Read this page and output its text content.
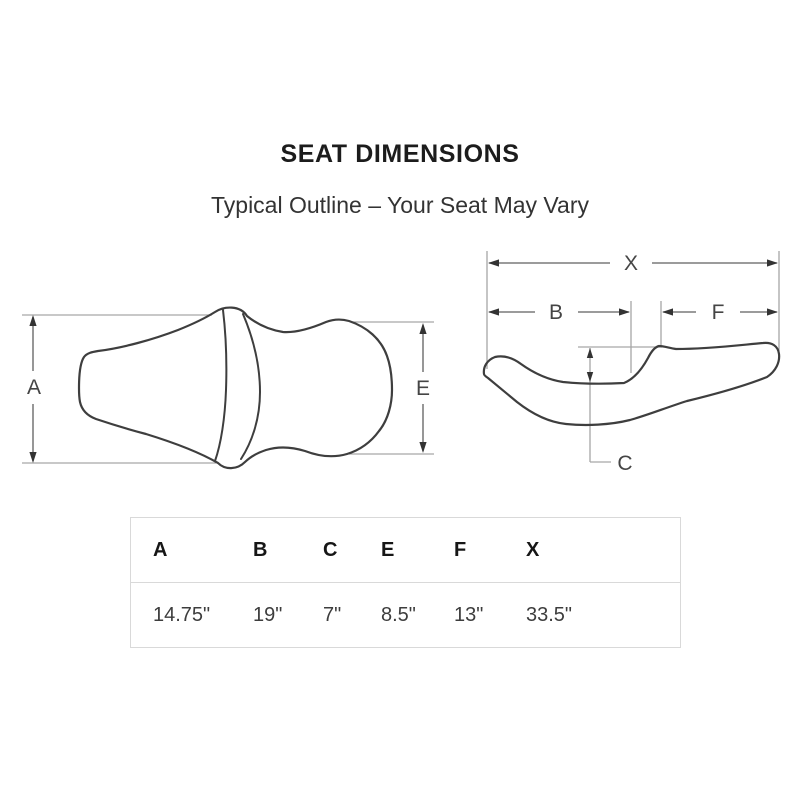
SEAT DIMENSIONS
Typical Outline – Your Seat May Vary
A	E
X
B	F
C
A	B	C	E	F	X
14.75"	19"	7"	8.5"	13"	33.5"
